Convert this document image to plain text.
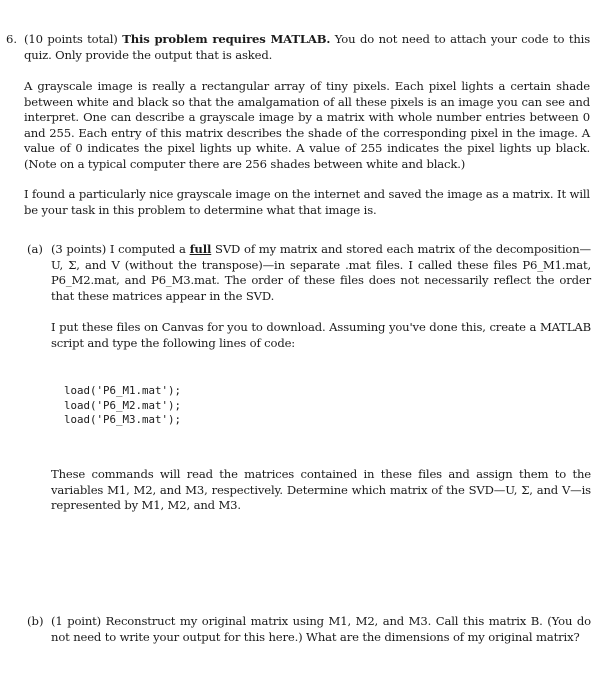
6. (10 points total) This problem requires MATLAB. You do not need to attach your code to this quiz. Only provide the output that is asked.

A grayscale image is really a rectangular array of tiny pixels. Each pixel lights a certain shade between white and black so that the amalgamation of all these pixels is an image you can see and interpret. One can describe a grayscale image by a matrix with whole number entries between 0 and 255. Each entry of this matrix describes the shade of the corresponding pixel in the image. A value of 0 indicates the pixel lights up white. A value of 255 indicates the pixel lights up black. (Note on a typical computer there are 256 shades between white and black.)

I found a particularly nice grayscale image on the internet and saved the image as a matrix. It will be your task in this problem to determine what that image is.

(a) (3 points) I computed a full SVD of my matrix and stored each matrix of the decomposition—U, Σ, and V (without the transpose)—in separate .mat files. I called these files P6_M1.mat, P6_M2.mat, and P6_M3.mat. The order of these files does not necessarily reflect the order that these matrices appear in the SVD.

I put these files on Canvas for you to download. Assuming you've done this, create a MATLAB script and type the following lines of code:

load('P6_M1.mat');
load('P6_M2.mat');
load('P6_M3.mat');

These commands will read the matrices contained in these files and assign them to the variables M1, M2, and M3, respectively. Determine which matrix of the SVD—U, Σ, and V—is represented by M1, M2, and M3.

(b) (1 point) Reconstruct my original matrix using M1, M2, and M3. Call this matrix B. (You do not need to write your output for this here.) What are the dimensions of my original matrix?
